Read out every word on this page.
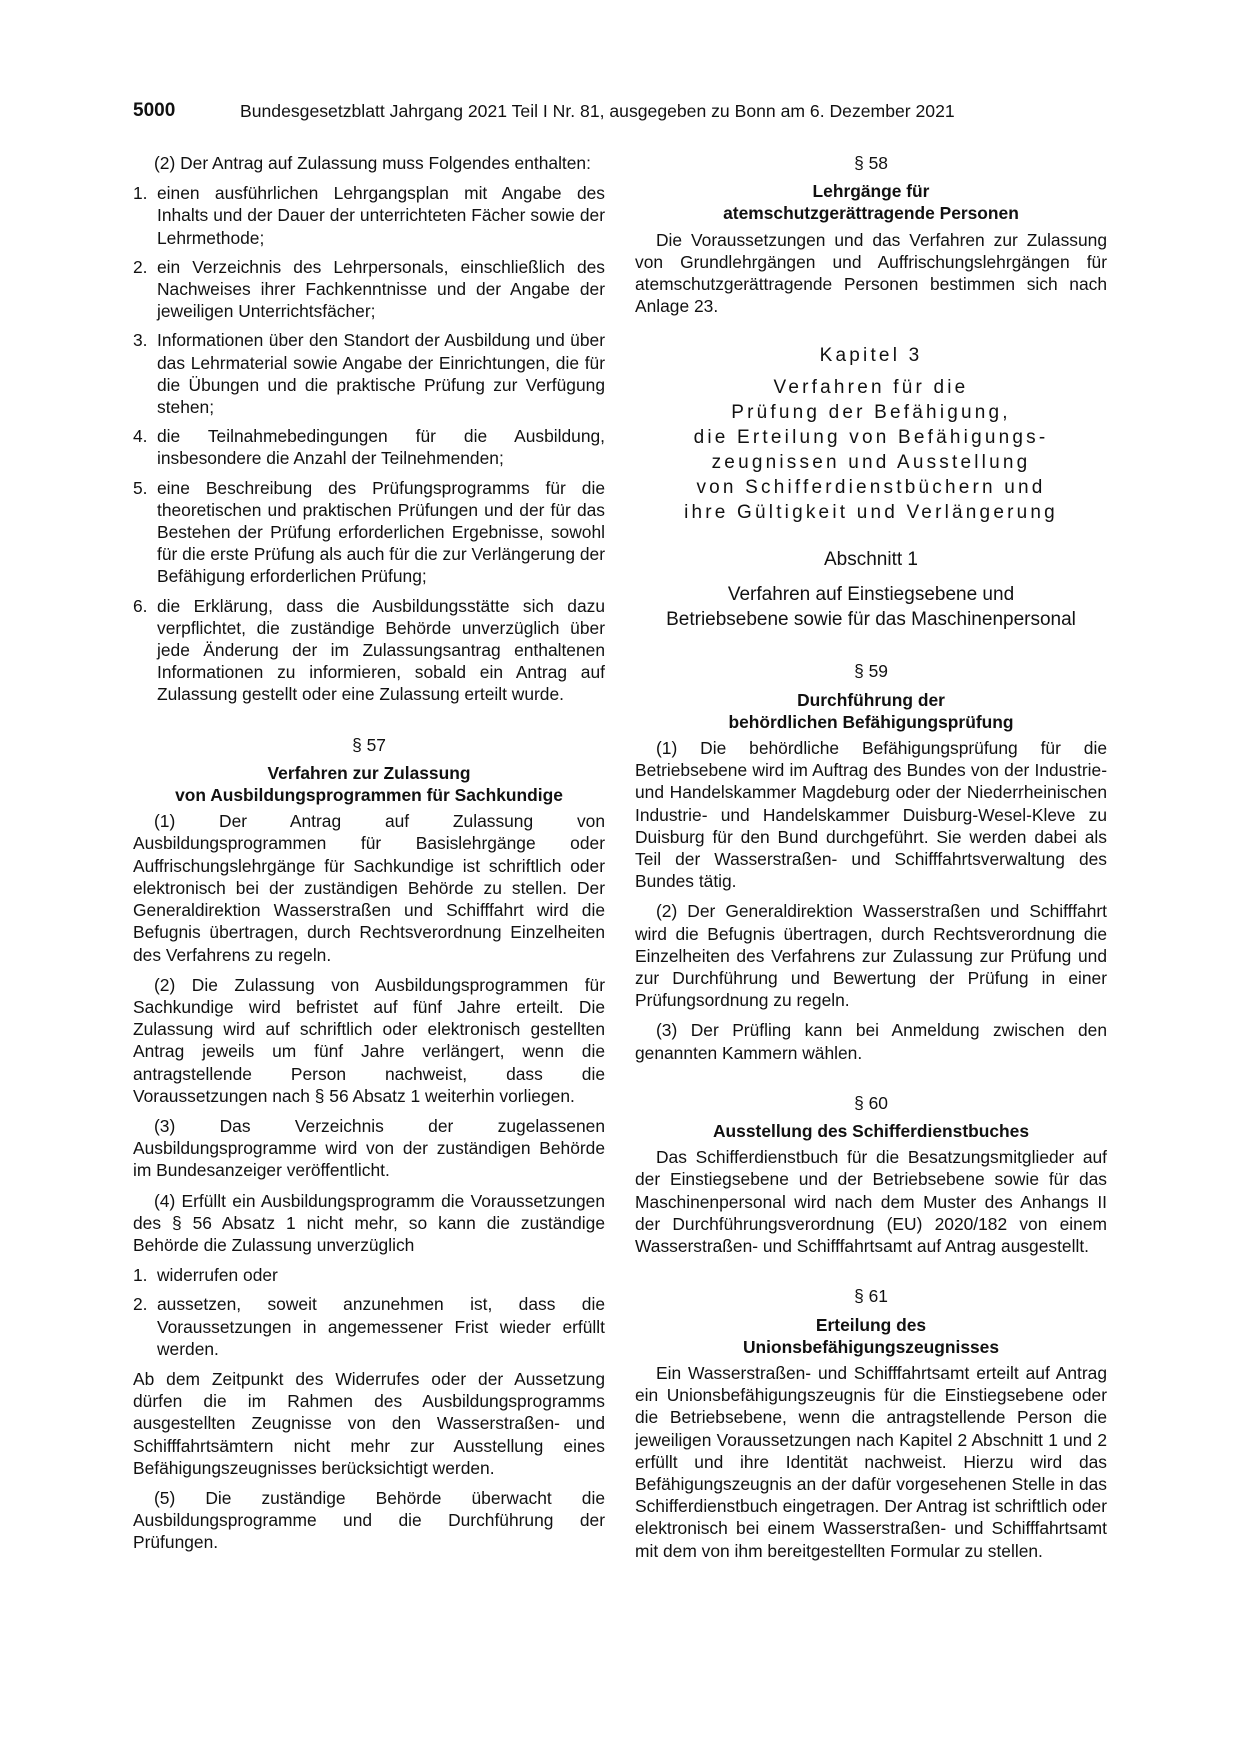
5000	Bundesgesetzblatt Jahrgang 2021 Teil I Nr. 81, ausgegeben zu Bonn am 6. Dezember 2021

(2) Der Antrag auf Zulassung muss Folgendes enthalten:

1. einen ausführlichen Lehrgangsplan mit Angabe des Inhalts und der Dauer der unterrichteten Fächer sowie der Lehrmethode;
2. ein Verzeichnis des Lehrpersonals, einschließlich des Nachweises ihrer Fachkenntnisse und der Angabe der jeweiligen Unterrichtsfächer;
3. Informationen über den Standort der Ausbildung und über das Lehrmaterial sowie Angabe der Einrichtungen, die für die Übungen und die praktische Prüfung zur Verfügung stehen;
4. die Teilnahmebedingungen für die Ausbildung, insbesondere die Anzahl der Teilnehmenden;
5. eine Beschreibung des Prüfungsprogramms für die theoretischen und praktischen Prüfungen und der für das Bestehen der Prüfung erforderlichen Ergebnisse, sowohl für die erste Prüfung als auch für die zur Verlängerung der Befähigung erforderlichen Prüfung;
6. die Erklärung, dass die Ausbildungsstätte sich dazu verpflichtet, die zuständige Behörde unverzüglich über jede Änderung der im Zulassungsantrag enthaltenen Informationen zu informieren, sobald ein Antrag auf Zulassung gestellt oder eine Zulassung erteilt wurde.
§ 57
Verfahren zur Zulassung
von Ausbildungsprogrammen für Sachkundige

(1) Der Antrag auf Zulassung von Ausbildungsprogrammen für Basislehrgänge oder Auffrischungslehrgänge für Sachkundige ist schriftlich oder elektronisch bei der zuständigen Behörde zu stellen. Der Generaldirektion Wasserstraßen und Schifffahrt wird die Befugnis übertragen, durch Rechtsverordnung Einzelheiten des Verfahrens zu regeln.

(2) Die Zulassung von Ausbildungsprogrammen für Sachkundige wird befristet auf fünf Jahre erteilt. Die Zulassung wird auf schriftlich oder elektronisch gestellten Antrag jeweils um fünf Jahre verlängert, wenn die antragstellende Person nachweist, dass die Voraussetzungen nach § 56 Absatz 1 weiterhin vorliegen.

(3) Das Verzeichnis der zugelassenen Ausbildungsprogramme wird von der zuständigen Behörde im Bundesanzeiger veröffentlicht.

(4) Erfüllt ein Ausbildungsprogramm die Voraussetzungen des § 56 Absatz 1 nicht mehr, so kann die zuständige Behörde die Zulassung unverzüglich

1. widerrufen oder
2. aussetzen, soweit anzunehmen ist, dass die Voraussetzungen in angemessener Frist wieder erfüllt werden.

Ab dem Zeitpunkt des Widerrufes oder der Aussetzung dürfen die im Rahmen des Ausbildungsprogramms ausgestellten Zeugnisse von den Wasserstraßen- und Schifffahrtsämtern nicht mehr zur Ausstellung eines Befähigungszeugnisses berücksichtigt werden.

(5) Die zuständige Behörde überwacht die Ausbildungsprogramme und die Durchführung der Prüfungen.

§ 58
Lehrgänge für
atemschutzgerättragende Personen

Die Voraussetzungen und das Verfahren zur Zulassung von Grundlehrgängen und Auffrischungslehrgängen für atemschutzgerättragende Personen bestimmen sich nach Anlage 23.

Kapitel 3
Verfahren für die
Prüfung der Befähigung,
die Erteilung von Befähigungs-
zeugnissen und Ausstellung
von Schifferdienstbüchern und
ihre Gültigkeit und Verlängerung
Abschnitt 1
Verfahren auf Einstiegsebene und
Betriebsebene sowie für das Maschinenpersonal
§ 59
Durchführung der
behördlichen Befähigungsprüfung

(1) Die behördliche Befähigungsprüfung für die Betriebsebene wird im Auftrag des Bundes von der Industrie- und Handelskammer Magdeburg oder der Niederrheinischen Industrie- und Handelskammer Duisburg-Wesel-Kleve zu Duisburg für den Bund durchgeführt. Sie werden dabei als Teil der Wasserstraßen- und Schifffahrtsverwaltung des Bundes tätig.

(2) Der Generaldirektion Wasserstraßen und Schifffahrt wird die Befugnis übertragen, durch Rechtsverordnung die Einzelheiten des Verfahrens zur Zulassung zur Prüfung und zur Durchführung und Bewertung der Prüfung in einer Prüfungsordnung zu regeln.

(3) Der Prüfling kann bei Anmeldung zwischen den genannten Kammern wählen.

§ 60
Ausstellung des Schifferdienstbuches

Das Schifferdienstbuch für die Besatzungsmitglieder auf der Einstiegsebene und der Betriebsebene sowie für das Maschinenpersonal wird nach dem Muster des Anhangs II der Durchführungsverordnung (EU) 2020/182 von einem Wasserstraßen- und Schifffahrtsamt auf Antrag ausgestellt.

§ 61
Erteilung des
Unionsbefähigungszeugnisses

Ein Wasserstraßen- und Schifffahrtsamt erteilt auf Antrag ein Unionsbefähigungszeugnis für die Einstiegsebene oder die Betriebsebene, wenn die antragstellende Person die jeweiligen Voraussetzungen nach Kapitel 2 Abschnitt 1 und 2 erfüllt und ihre Identität nachweist. Hierzu wird das Befähigungszeugnis an der dafür vorgesehenen Stelle in das Schifferdienstbuch eingetragen. Der Antrag ist schriftlich oder elektronisch bei einem Wasserstraßen- und Schifffahrtsamt mit dem von ihm bereitgestellten Formular zu stellen.
